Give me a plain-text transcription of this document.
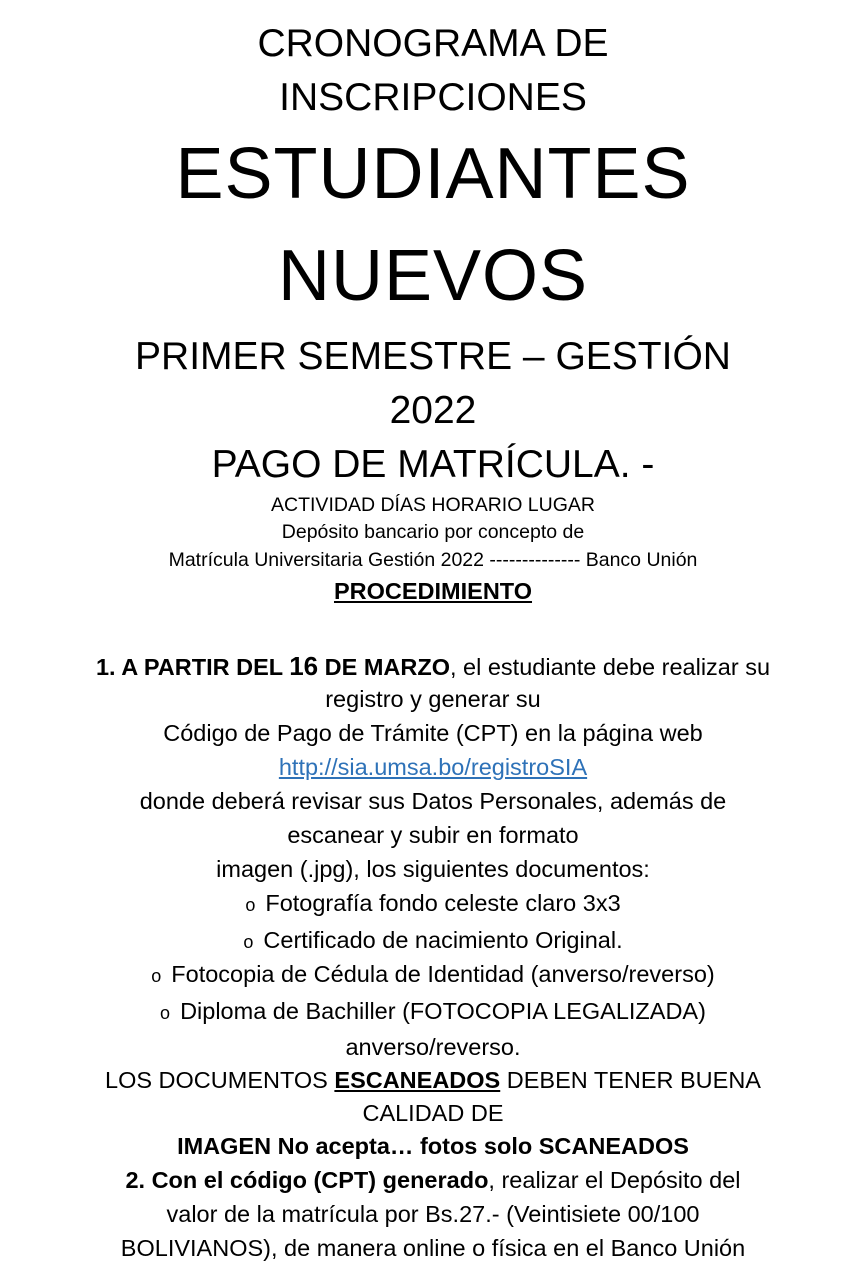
CRONOGRAMA DE
INSCRIPCIONES
ESTUDIANTES
NUEVOS
PRIMER SEMESTRE – GESTIÓN
2022
PAGO DE MATRÍCULA. -
ACTIVIDAD DÍAS HORARIO LUGAR
Depósito bancario por concepto de
Matrícula Universitaria Gestión 2022 -------------- Banco Unión
PROCEDIMIENTO
1. A PARTIR DEL 16 DE MARZO, el estudiante debe realizar su
registro y generar su
Código de Pago de Trámite (CPT) en la página web
http://sia.umsa.bo/registroSIA
donde deberá revisar sus Datos Personales, además de
escanear y subir en formato
imagen (.jpg), los siguientes documentos:
o Fotografía fondo celeste claro 3x3
o Certificado de nacimiento Original.
o Fotocopia de Cédula de Identidad (anverso/reverso)
o Diploma de Bachiller (FOTOCOPIA LEGALIZADA)
anverso/reverso.
LOS DOCUMENTOS ESCANEADOS DEBEN TENER BUENA
CALIDAD DE
IMAGEN No acepta… fotos solo SCANEADOS
2. Con el código (CPT) generado, realizar el Depósito del
valor de la matrícula por Bs.27.- (Veintisiete 00/100
BOLIVIANOS), de manera online o física en el Banco Unión
